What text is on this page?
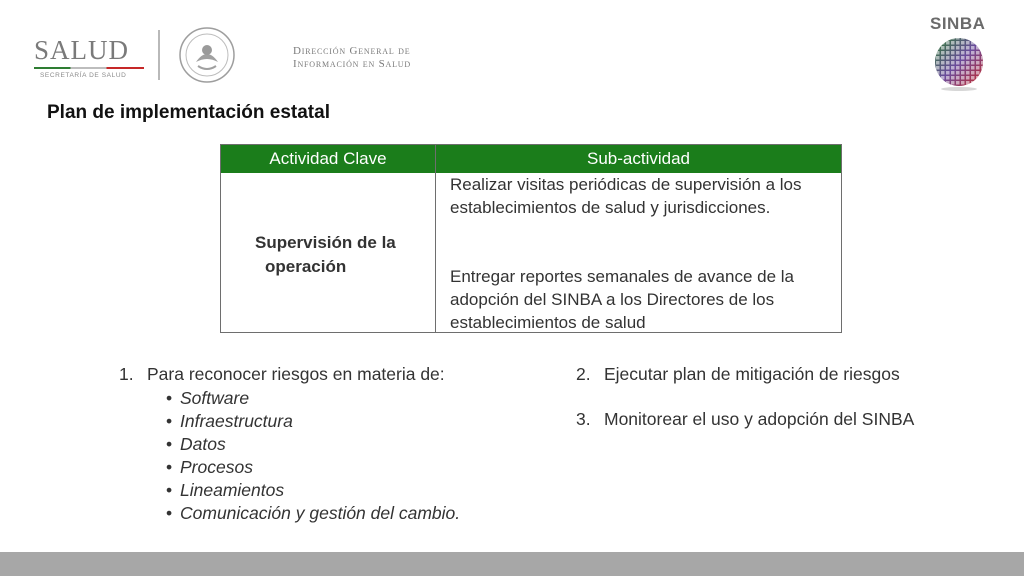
SALUD
SECRETARÍA DE SALUD
Dirección General de
Información en Salud
SINBA
Plan de implementación estatal
Actividad Clave	Sub-actividad
Supervisión de la
operación
Realizar visitas periódicas de supervisión a los establecimientos de salud y jurisdicciones.
Entregar reportes semanales de avance de la adopción del SINBA a los Directores de los establecimientos de salud
1. Para reconocer riesgos en materia de:
• Software
• Infraestructura
• Datos
• Procesos
• Lineamientos
• Comunicación y gestión del cambio.
2. Ejecutar plan de mitigación de riesgos
3. Monitorear el uso y adopción del SINBA
